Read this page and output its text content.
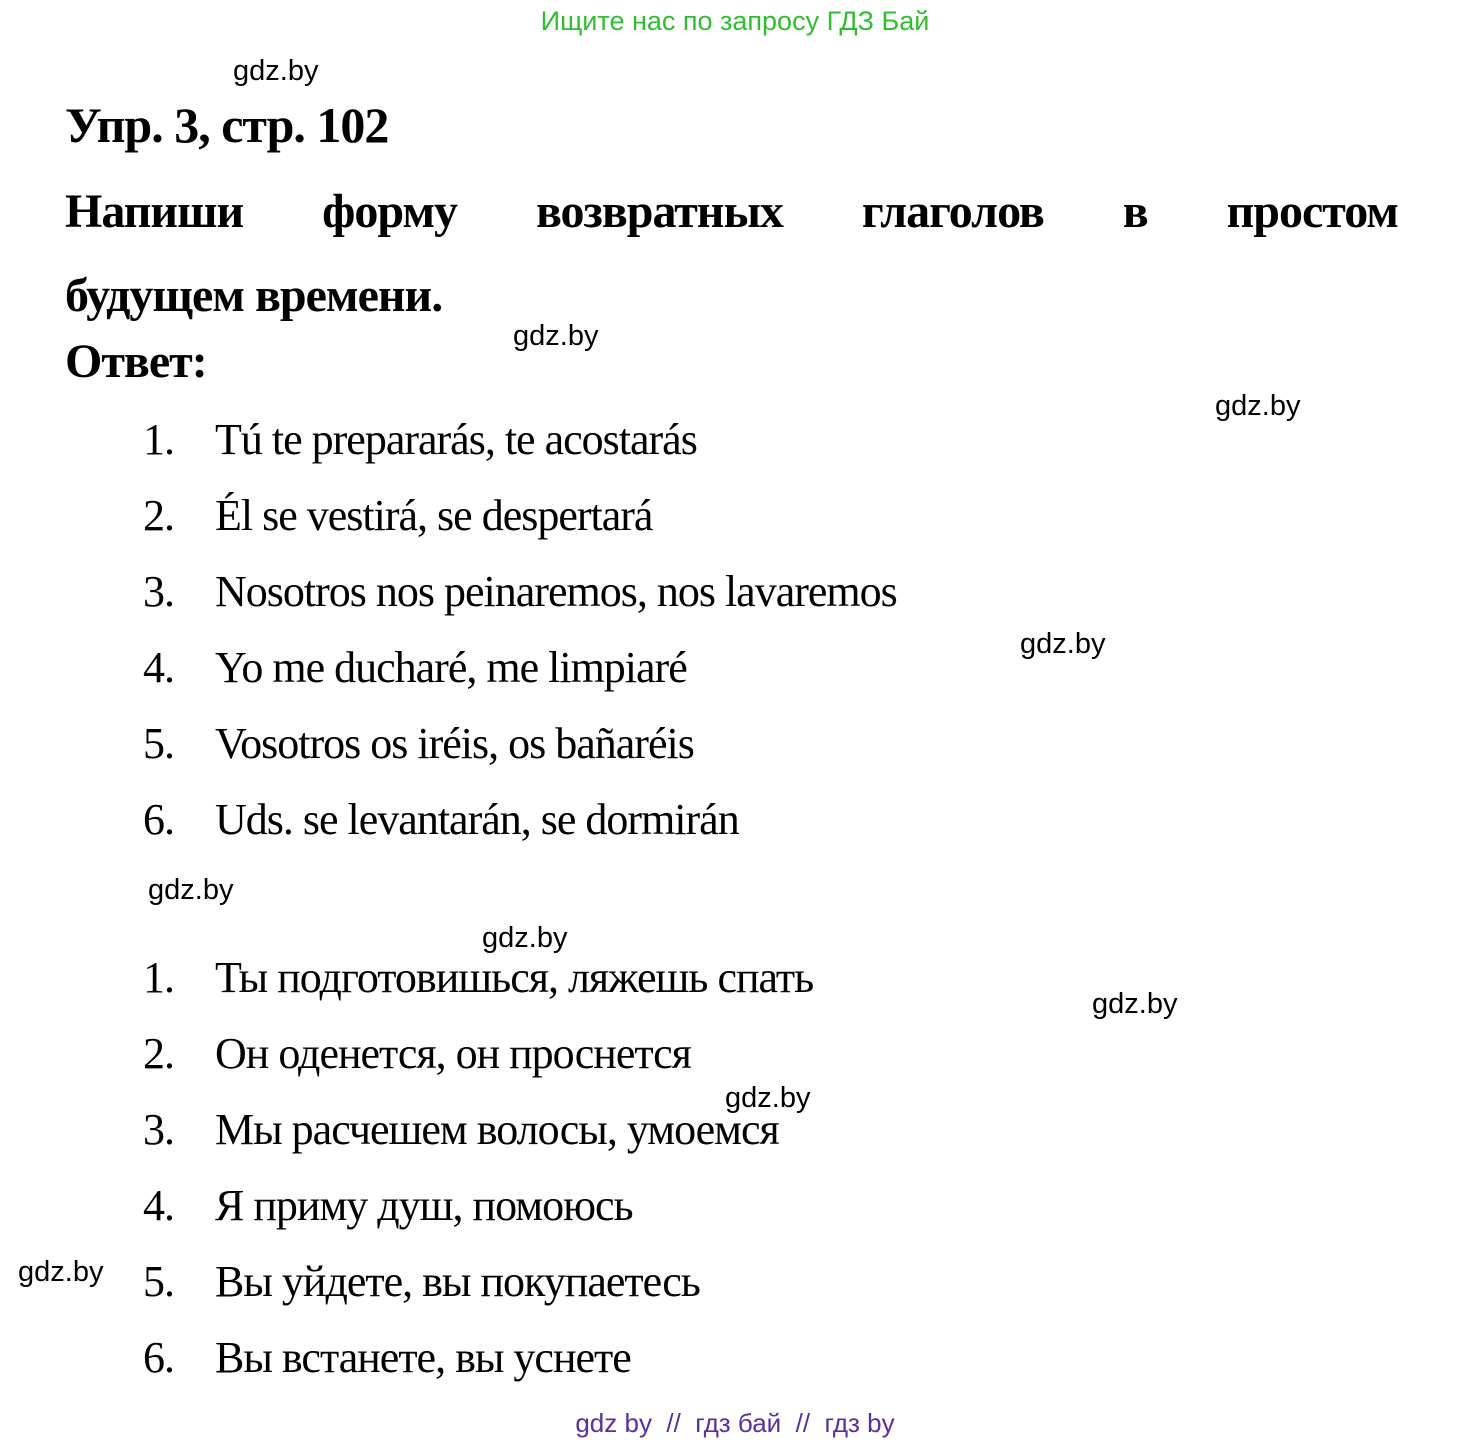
Ищите нас по запросу ГДЗ Бай
gdz.by
gdz.by
gdz.by
gdz.by
gdz.by
gdz.by
gdz.by
gdz.by
gdz.by
Упр. 3, стр. 102
Напиши форму возвратных глаголов в простом
будущем времени.
Ответ:
1. Tú te prepararás, te acostarás
2. Él se vestirá, se despertará
3. Nosotros nos peinaremos, nos lavaremos
4. Yo me ducharé, me limpiaré
5. Vosotros os iréis, os bañaréis
6. Uds. se levantarán, se dormirán
1. Ты подготовишься, ляжешь спать
2. Он оденется, он проснется
3. Мы расчешем волосы, умоемся
4. Я приму душ, помоюсь
5. Вы уйдете, вы покупаетесь
6. Вы встанете, вы уснете
gdz by  //  гдз бай  //  гдз by
